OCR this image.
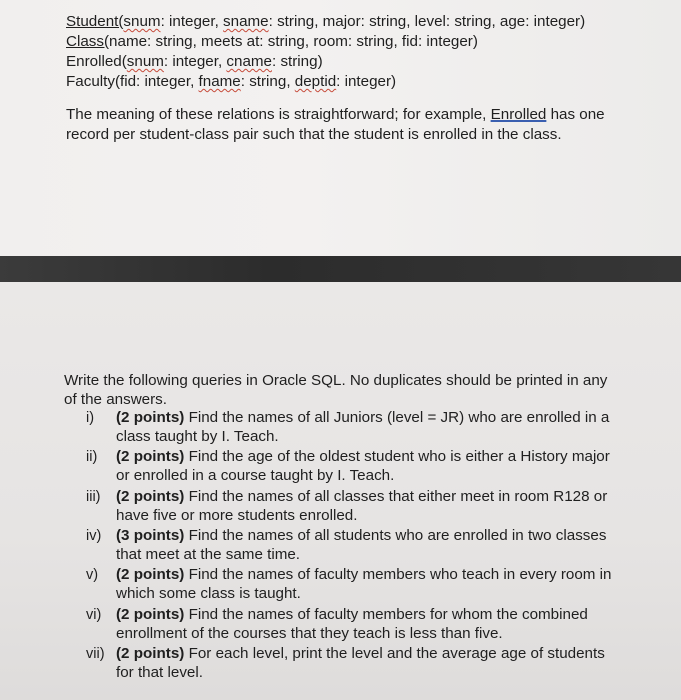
Student(snum: integer, sname: string, major: string, level: string, age: integer)
Class(name: string, meets at: string, room: string, fid: integer)
Enrolled(snum: integer, cname: string)
Faculty(fid: integer, fname: string, deptid: integer)
The meaning of these relations is straightforward; for example, Enrolled has one
record per student-class pair such that the student is enrolled in the class.
Write the following queries in Oracle SQL. No duplicates should be printed in any
of the answers.
i) (2 points) Find the names of all Juniors (level = JR) who are enrolled in a
class taught by I. Teach.
ii) (2 points) Find the age of the oldest student who is either a History major
or enrolled in a course taught by I. Teach.
iii) (2 points) Find the names of all classes that either meet in room R128 or
have five or more students enrolled.
iv) (3 points) Find the names of all students who are enrolled in two classes
that meet at the same time.
v) (2 points) Find the names of faculty members who teach in every room in
which some class is taught.
vi) (2 points) Find the names of faculty members for whom the combined
enrollment of the courses that they teach is less than five.
vii) (2 points) For each level, print the level and the average age of students
for that level.
